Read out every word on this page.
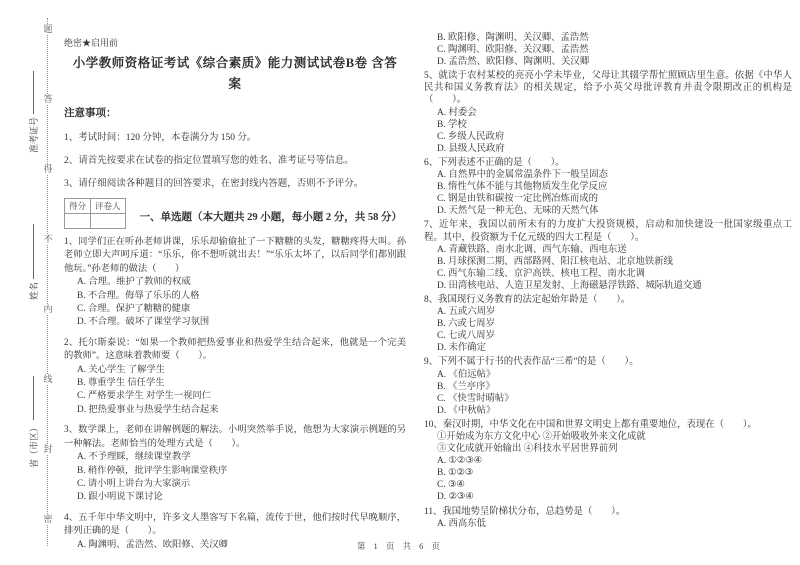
题
答
得
不
内
线
封
密
准考证号
姓名
省（市区）
绝密★启用前
小学教师资格证考试《综合素质》能力测试试卷B卷 含答
案
注意事项：
1、考试时间：120 分钟，本卷满分为 150 分。
2、请首先按要求在试卷的指定位置填写您的姓名、准考证号等信息。
3、请仔细阅读各种题目的回答要求，在密封线内答题，否则不予评分。
得分	评卷人

一、单选题（本大题共 29 小题，每小题 2 分，共 58 分）
1、同学们正在听孙老师讲课，乐乐却偷偷扯了一下糖糖的头发，糖糖疼得大叫。孙老师立即大声呵斥道：“乐乐，你不想听就出去！”“乐乐太坏了，以后同学们都别跟他玩。”孙老师的做法（　　）
A. 合理。维护了教师的权威
B. 不合理。侮辱了乐乐的人格
C. 合理。保护了糖糖的健康
D. 不合理。破坏了课堂学习氛围
2、托尔斯泰说：“如果一个教师把热爱事业和热爱学生结合起来，他就是一个完美的教师”。这意味着教师要（　　）。
A. 关心学生 了解学生
B. 尊重学生 信任学生
C. 严格要求学生 对学生一视同仁
D. 把热爱事业与热爱学生结合起来
3、数学课上，老师在讲解例题的解法。小明突然举手说，他想为大家演示例题的另一种解法。老师恰当的处理方式是（　　）。
A. 不予理睬，继续课堂教学
B. 稍作停顿，批评学生影响课堂秩序
C. 请小明上讲台为大家演示
D. 跟小明说下课讨论
4、五千年中华文明中，许多文人墨客写下名篇，流传于世，他们按时代早晚顺序，排列正确的是（　　）。
A. 陶渊明、孟浩然、欧阳修、关汉卿
B. 欧阳修、陶渊明、关汉卿、孟浩然
C. 陶渊明、欧阳修、关汉卿、孟浩然
D. 孟浩然、欧阳修、陶渊明、关汉卿
5、就读于农村某校的亮亮小学未毕业，父母让其辍学帮忙照顾店里生意。依据《中华人民共和国义务教育法》的相关规定，给予小英父母批评教育并责令限期改正的机构是（　　）。
A. 村委会
B. 学校
C. 乡级人民政府
D. 县级人民政府
6、下列表述不正确的是（　　）。
A. 自然界中的金属常温条件下一般呈固态
B. 惰性气体不能与其他物质发生化学反应
C. 钢是由铁和碳按一定比例冶炼而成的
D. 天然气是一种无色、无味的天然气体
7、近年来，我国以前所未有的力度扩大投资规模，启动和加快建设一批国家级重点工程。其中，投资额为千亿元级的四大工程是（　　）。
A. 青藏铁路、南水北调、西气东输、西电东送
B. 月球探测二期、西部路网、阳江核电站、北京地铁新线
C. 西气东输二线、京沪高铁、核电工程、南水北调
D. 田湾核电站、人造卫星发射、上海磁悬浮铁路、城际轨道交通
8、我国现行义务教育的法定起始年龄是（　　）。
A. 五或六周岁
B. 六或七周岁
C. 七或八周岁
D. 未作确定
9、下列不属于行书的代表作品“三希”的是（　　）。
A. 《伯远帖》
B. 《兰亭序》
C. 《快雪时晴帖》
D. 《中秋帖》
10、秦汉时期，中华文化在中国和世界文明史上都有重要地位，表现在（　　）。
①开始成为东方文化中心 ②开始吸收外来文化成就
③文化成就开始输出 ④科技水平居世界前列
A. ①②③④
B. ①②③
C. ③④
D. ②③④
11、我国地势呈阶梯状分布，总趋势是（　　）。
A. 西高东低
第 1 页 共 6 页
